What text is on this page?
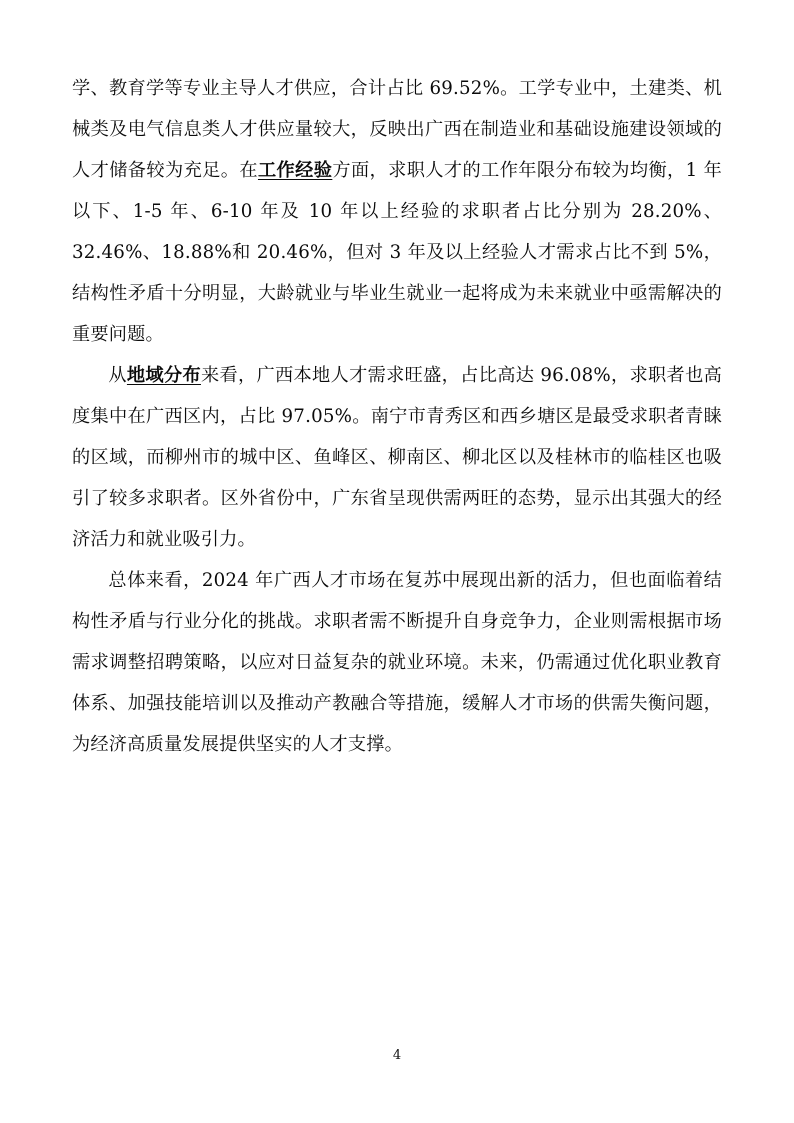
学、教育学等专业主导人才供应，合计占比 69.52%。工学专业中，土建类、机械类及电气信息类人才供应量较大，反映出广西在制造业和基础设施建设领域的人才储备较为充足。在工作经验方面，求职人才的工作年限分布较为均衡，1 年以下、1-5 年、6-10 年及 10 年以上经验的求职者占比分别为 28.20%、32.46%、18.88%和 20.46%，但对 3 年及以上经验人才需求占比不到 5%，结构性矛盾十分明显，大龄就业与毕业生就业一起将成为未来就业中亟需解决的重要问题。

从地域分布来看，广西本地人才需求旺盛，占比高达 96.08%，求职者也高度集中在广西区内，占比 97.05%。南宁市青秀区和西乡塘区是最受求职者青睐的区域，而柳州市的城中区、鱼峰区、柳南区、柳北区以及桂林市的临桂区也吸引了较多求职者。区外省份中，广东省呈现供需两旺的态势，显示出其强大的经济活力和就业吸引力。

总体来看，2024 年广西人才市场在复苏中展现出新的活力，但也面临着结构性矛盾与行业分化的挑战。求职者需不断提升自身竞争力，企业则需根据市场需求调整招聘策略，以应对日益复杂的就业环境。未来，仍需通过优化职业教育体系、加强技能培训以及推动产教融合等措施，缓解人才市场的供需失衡问题，为经济高质量发展提供坚实的人才支撑。

4
